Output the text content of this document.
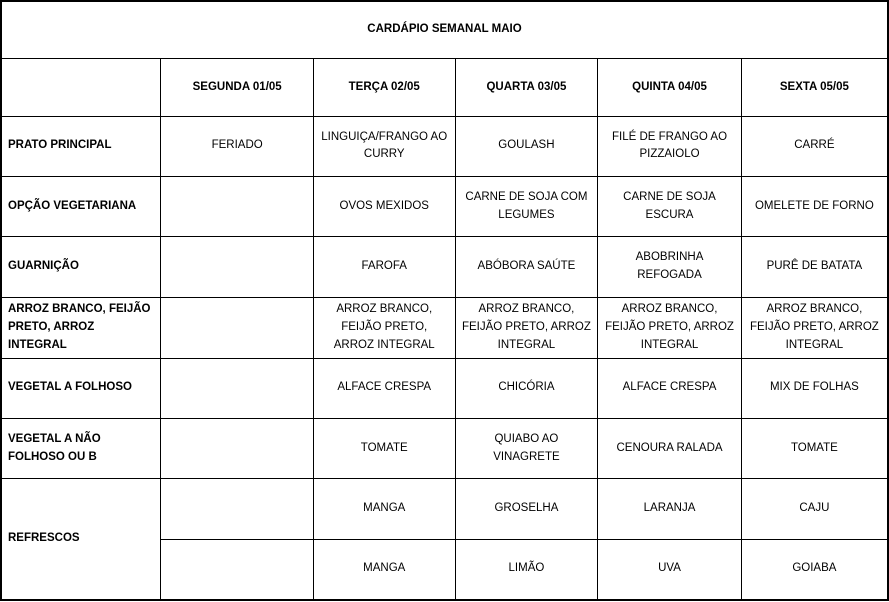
CARDÁPIO SEMANAL MAIO					
	SEGUNDA 01/05	TERÇA 02/05	QUARTA 03/05	QUINTA 04/05	SEXTA 05/05
PRATO PRINCIPAL	FERIADO	LINGUIÇA/FRANGO AO CURRY	GOULASH	FILÉ DE FRANGO AO PIZZAIOLO	CARRÉ
OPÇÃO VEGETARIANA		OVOS MEXIDOS	CARNE DE SOJA COM LEGUMES	CARNE DE SOJA ESCURA	OMELETE DE FORNO
GUARNIÇÃO		FAROFA	ABÓBORA SAÚTE	ABOBRINHA REFOGADA	PURÊ DE BATATA
ARROZ BRANCO, FEIJÃO PRETO, ARROZ INTEGRAL		ARROZ BRANCO, FEIJÃO PRETO, ARROZ INTEGRAL	ARROZ BRANCO, FEIJÃO PRETO, ARROZ INTEGRAL	ARROZ BRANCO, FEIJÃO PRETO, ARROZ INTEGRAL	ARROZ BRANCO, FEIJÃO PRETO, ARROZ INTEGRAL
VEGETAL A FOLHOSO		ALFACE CRESPA	CHICÓRIA	ALFACE CRESPA	MIX DE FOLHAS
VEGETAL A NÃO FOLHOSO OU B		TOMATE	QUIABO AO VINAGRETE	CENOURA RALADA	TOMATE
REFRESCOS		MANGA	GROSELHA	LARANJA	CAJU
		MANGA	LIMÃO	UVA	GOIABA
